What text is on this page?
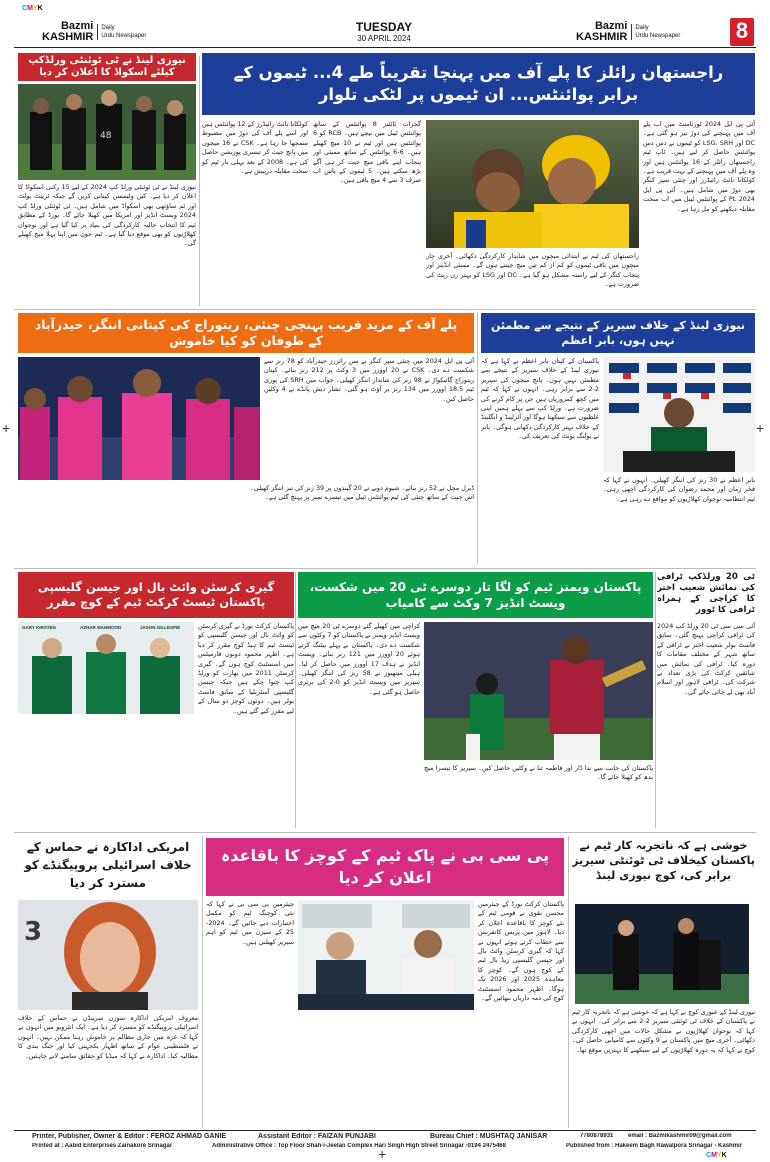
CMYK
CMYK
+	+
+
Bazmi
KASHMIR
Daily
Urdu Newspaper
TUESDAY
30 APRIL 2024
Bazmi
KASHMIR
Daily
Urdu Newspaper	8
راجستھان رائلز کا پلے آف میں پہنچا تقریباً طے 4... ٹیموں کے برابر پوائنٹس... ان ٹیموں پر لٹکی تلوار
آئی پی ایل 2024 ٹورنامنٹ میں اب پلے آف میں پہنچنے کی دوڑ تیز ہو گئی ہے۔ DC اور LSG، SRH کو ٹیموں نے دس دس پوائنٹس حاصل کر لیے ہیں۔ ٹاپ ٹیم راجستھان رائلز کے 16 پوائنٹس ہیں اور وہ پلے آف میں پہنچنے کے بہت قریب ہے۔ کولکاتا نائٹ رائیڈرز اور چنئی سپر کنگز بھی دوڑ میں شامل ہیں۔ آئی پی ایل 2024 PL کے پوائنٹس ٹیبل میں اب سخت مقابلہ دیکھنے کو مل رہا ہے۔
راجستھان کی ٹیم نے ابتدائی میچوں میں شاندار کارکردگی دکھائی۔ آخری چار میچوں میں باقی ٹیموں کو کم از کم تین میچ جیتنے ہوں گے۔ ممبئی انڈینز اور پنجاب کنگز کے لیے راستہ مشکل ہو گیا ہے۔ DC اور LSG کو بہتر رن ریٹ کی ضرورت ہے۔
گجرات ٹائٹنز 8 پوائنٹس کے ساتھ پوائنٹس ٹیبل میں نیچے ہیں۔ RCB کو 6 پوائنٹس ہیں اور ٹیم نے 10 میچ کھیلے ہیں۔ 6-6 پوائنٹس کے ساتھ ممبئی اور پنجاب اپنے باقی میچ جیت کر ہی آگے بڑھ سکتے ہیں۔ 5 ٹیموں کے پاس اب صرف 3 سے 4 میچ باقی ہیں۔
کولکاتا نائٹ رائیڈرز کے 12 پوائنٹس ہیں اور اسے پلے آف کی دوڑ میں مضبوط سمجھا جا رہا ہے۔ CSK نے 16 میچوں میں پانچ جیت کر تیسری پوزیشن حاصل کی ہے۔ 2008 کے بعد پہلی بار ٹیم کو سخت مقابلہ درپیش ہے۔
نیوزی لینڈ نے ٹی ٹوئنٹی ورلڈکپ کیلئے اسکواڈ کا اعلان کر دیا
48
نیوزی لینڈ نے ٹی ٹوئنٹی ورلڈ کپ 2024 کے لیے 15 رکنی اسکواڈ کا اعلان کر دیا ہے۔ کین ولیمسن کپتانی کریں گے جبکہ ٹرینٹ بولٹ اور ٹم ساؤتھی بھی اسکواڈ میں شامل ہیں۔ ٹی ٹوئنٹی ورلڈ کپ 2024 ویسٹ انڈیز اور امریکا میں کھیلا جائے گا۔ بورڈ کے مطابق ٹیم کا انتخاب حالیہ کارکردگی کی بنیاد پر کیا گیا ہے اور نوجوان کھلاڑیوں کو بھی موقع دیا گیا ہے۔ ٹیم جون میں اپنا پہلا میچ کھیلے گی۔
پلے آف کے مزید قریب پہنچی چنئی، ریتوراج کی کپتانی اننگز، حیدرآباد کے طوفان کو کیا خاموش
آئی پی ایل 2024 میں چنئی سپر کنگز نے سن رائزرز حیدرآباد کو 78 رنز سے شکست دے دی۔ CSK نے 20 اوورز میں 3 وکٹ پر 212 رنز بنائے۔ کپتان ریتوراج گائیکواڑ نے 98 رنز کی شاندار اننگز کھیلی۔ جواب میں SRH کی پوری ٹیم 18.5 اوورز میں 134 رنز پر آؤٹ ہو گئی۔ تشار دیش پانڈے نے 4 وکٹیں حاصل کیں۔
ڈیرل مچل نے 52 رنز بنائے۔ شیوم دوبے نے 20 گیندوں پر 39 رنز کی تیز اننگز کھیلی۔ اس جیت کے ساتھ چنئی کی ٹیم پوائنٹس ٹیبل میں تیسرے نمبر پر پہنچ گئی ہے۔
نیوزی لینڈ کے خلاف سیریز کے نتیجے سے مطمئن نہیں ہوں، بابر اعظم
پاکستان کے کپتان بابر اعظم نے کہا ہے کہ نیوزی لینڈ کے خلاف سیریز کے نتیجے سے مطمئن نہیں ہوں۔ پانچ میچوں کی سیریز 2-2 سے برابر رہی۔ انہوں نے کہا کہ ٹیم میں کچھ کمزوریاں ہیں جن پر کام کرنے کی ضرورت ہے۔ ورلڈ کپ سے پہلے ہمیں اپنی غلطیوں سے سیکھنا ہوگا اور آئرلینڈ و انگلینڈ کے خلاف بہتر کارکردگی دکھانی ہوگی۔ بابر نے بولنگ یونٹ کی تعریف کی۔
بابر اعظم نے 30 رنز کی اننگز کھیلی۔ انہوں نے کہا کہ فخر زمان اور محمد رضوان کی کارکردگی اچھی رہی۔ ٹیم انتظامیہ نوجوان کھلاڑیوں کو مواقع دے رہی ہے۔
گیری کرسٹن وائٹ بال اور جیسن گلیسپی پاکستان ٹیسٹ کرکٹ ٹیم کے کوچ مقرر
GARY KIRSTEN	AZHAR MAHMOOD	JASON GILLESPIE	پاکستان کرکٹ بورڈ نے گیری کرسٹن کو وائٹ بال اور جیسن گلیسپی کو ٹیسٹ ٹیم کا ہیڈ کوچ مقرر کر دیا ہے۔ اظہر محمود دونوں فارمیٹس میں اسسٹنٹ کوچ ہوں گے۔ گیری کرسٹن 2011 میں بھارت کو ورلڈ کپ جتوا چکے ہیں جبکہ جیسن گلیسپی آسٹریلیا کے سابق فاسٹ بولر ہیں۔ دونوں کوچز دو سال کے لیے مقرر کیے گئے ہیں۔
پاکستان ویمنز ٹیم کو لگا تار دوسرے ٹی 20 میں شکست، ویسٹ انڈیز 7 وکٹ سے کامیاب
کراچی میں کھیلے گئے دوسرے ٹی 20 میچ میں ویسٹ انڈیز ویمنز نے پاکستان کو 7 وکٹوں سے شکست دے دی۔ پاکستان نے پہلے بیٹنگ کرتے ہوئے 20 اوورز میں 121 رنز بنائے۔ ویسٹ انڈیز نے ہدف 17 اوورز میں حاصل کر لیا۔ ہیلی میتھیوز نے 58 رنز کی اننگز کھیلی۔ سیریز میں ویسٹ انڈیز کو 0-2 کی برتری حاصل ہو گئی ہے۔
پاکستان کی جانب سے ندا ڈار اور فاطمہ ثنا نے وکٹیں حاصل کیں۔ سیریز کا تیسرا میچ بدھ کو کھیلا جائے گا۔
ٹی 20 ورلڈکپ ٹرافی کی نمائش شعیب اختر کا کراچی کے ہمراہ ٹرافی کا ٹوور
آئی سی سی ٹی 20 ورلڈ کپ 2024 کی ٹرافی کراچی پہنچ گئی۔ سابق فاسٹ بولر شعیب اختر نے ٹرافی کے ساتھ شہر کے مختلف مقامات کا دورہ کیا۔ ٹرافی کی نمائش میں شائقین کرکٹ کی بڑی تعداد نے شرکت کی۔ ٹرافی لاہور اور اسلام آباد بھی لے جائی جائے گی۔
امریکی اداکارہ نے حماس کے خلاف اسرائیلی پروپیگنڈے کو مسترد کر دیا
3
معروف امریکی اداکارہ سوزن سرینڈن نے حماس کے خلاف اسرائیلی پروپیگنڈے کو مسترد کر دیا ہے۔ ایک انٹرویو میں انہوں نے کہا کہ غزہ میں جاری مظالم پر خاموش رہنا ممکن نہیں۔ انہوں نے فلسطینی عوام کے ساتھ اظہار یکجہتی کیا اور جنگ بندی کا مطالبہ کیا۔ اداکارہ نے کہا کہ میڈیا کو حقائق سامنے لانے چاہئیں۔
پی سی بی نے پاک ٹیم کے کوچز کا باقاعدہ اعلان کر دیا
پاکستان کرکٹ بورڈ کے چیئرمین محسن نقوی نے قومی ٹیم کے نئے کوچز کا باقاعدہ اعلان کر دیا۔ لاہور میں پریس کانفرنس سے خطاب کرتے ہوئے انہوں نے کہا کہ گیری کرسٹن وائٹ بال اور جیسن گلیسپی ریڈ بال ٹیم کے کوچ ہوں گے۔ کوچز کا معاہدہ 2025 اور 2026 تک ہوگا۔ اظہر محمود اسسٹنٹ کوچ کی ذمہ داریاں نبھائیں گے۔
چیئرمین پی سی بی نے کہا کہ نئی کوچنگ ٹیم کو مکمل اختیارات دیے جائیں گے۔ 2024-25 کے سیزن میں ٹیم کو اہم سیریز کھیلنی ہیں۔
خوشی ہے کہ ناتجربہ کار ٹیم نے پاکستان کیخلاف ٹی ٹوئنٹی سیریز برابر کی، کوچ نیوزی لینڈ
نیوزی لینڈ کے عبوری کوچ نے کہا ہے کہ خوشی ہے کہ ناتجربہ کار ٹیم نے پاکستان کے خلاف ٹی ٹوئنٹی سیریز 2-2 سے برابر کی۔ انہوں نے کہا کہ نوجوان کھلاڑیوں نے مشکل حالات میں اچھی کارکردگی دکھائی۔ آخری میچ میں پاکستان نے 9 وکٹوں سے کامیابی حاصل کی۔ کوچ نے کہا کہ یہ دورہ کھلاڑیوں کے لیے سیکھنے کا بہترین موقع تھا۔
Printer, Publisher, Owner & Editor : FEROZ AHMAD GANIE	Assistant Editor : FAIZAN PUNJABI	Bureau Chief : MUSHTAQ JANISAR	7780878931 email : Bazmikashmir09@gmail.com
Printed at : Aabid Enterprises Zainakore Srinagar	Administrative Office : Top Floor Shah-i-Jeelan Complex Hari Singh High Street Srinagar -0194 2475468	Published from : Hakeem Bagh Rawalpora Srinagar - Kashmir
